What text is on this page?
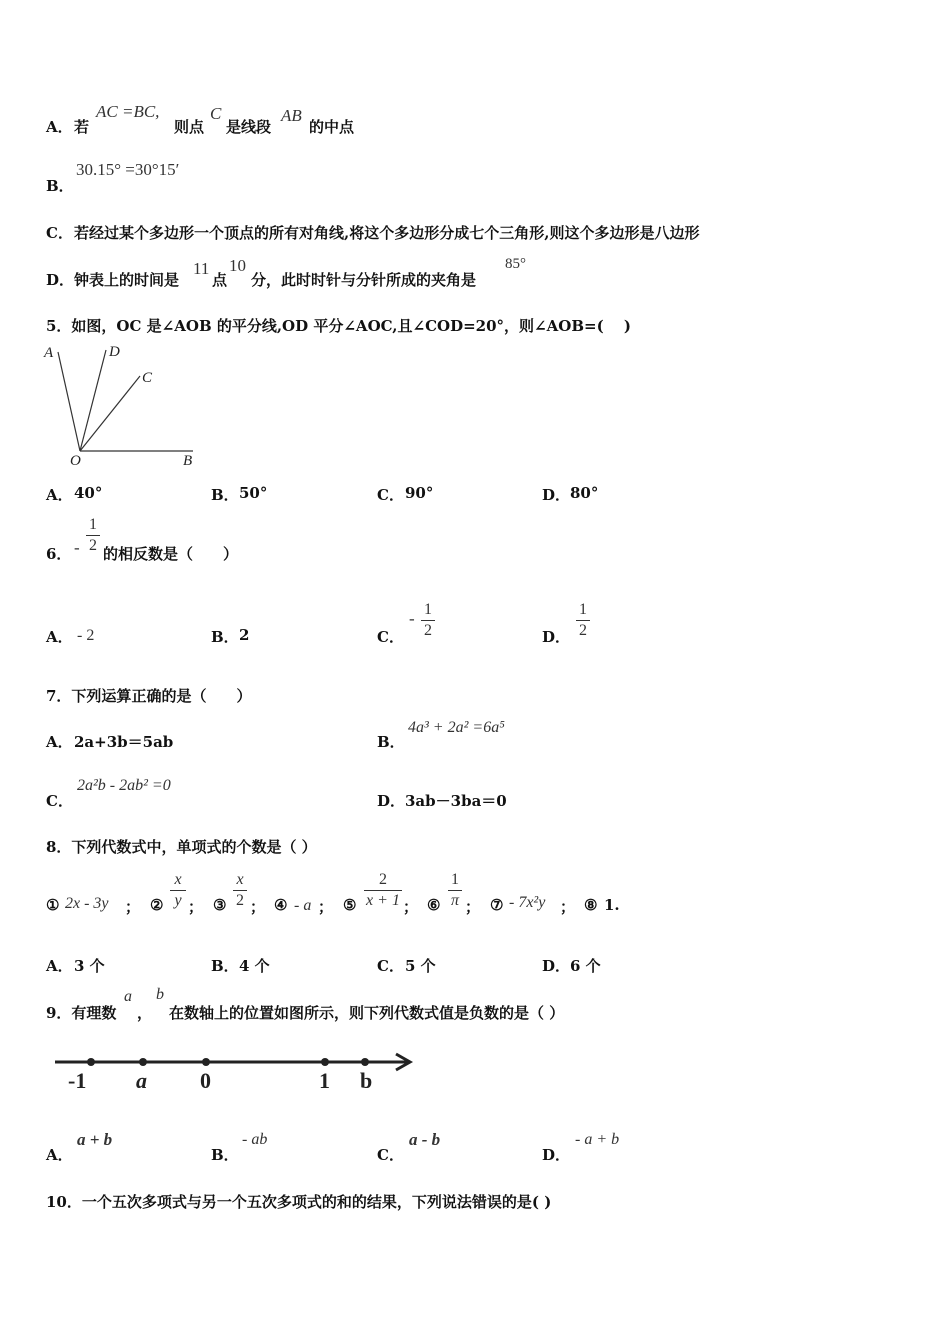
A． 若
AC =BC,
则点
C
是线段
AB
的中点
B．
30.15° =30°15′
C． 若经过某个多边形一个顶点的所有对角线,将这个多边形分成七个三角形,则这个多边形是八边形
D． 钟表上的时间是
11
点
10
分，此时时针与分针所成的夹角是
85°
5．如图，OC 是∠AOB 的平分线,OD 平分∠AOC,且∠COD=20°，则∠AOB=(　 )
A	D
C
O	B
A． 40°	B． 50°	C． 90°	D． 80°
6． -
1
2 的相反数是（　　）
A． - 2	B． 2	C．
- 1
2	D．
1
2
7．下列运算正确的是（　　）
A． 2a+3b＝5ab	B．
4a³ + 2a² =6a⁵
C．
2a²b - 2ab² =0
D． 3ab－3ba＝0
8．下列代数式中，单项式的个数是（ ）
① 2x - 3y ； ②
x
y ； ③
x
2 ； ④ - a ； ⑤
2
x + 1 ； ⑥
1
π ； ⑦ - 7x²y ； ⑧ 1.
A． 3 个	B． 4 个	C． 5 个	D． 6 个
9．有理数
a
，
b
在数轴上的位置如图所示，则下列代数式值是负数的是（ ）
-1 a 0	1 b
A．
a + b
B．
- ab
C．
a - b
D．
- a + b
10．一个五次多项式与另一个五次多项式的和的结果，下列说法错误的是( )
